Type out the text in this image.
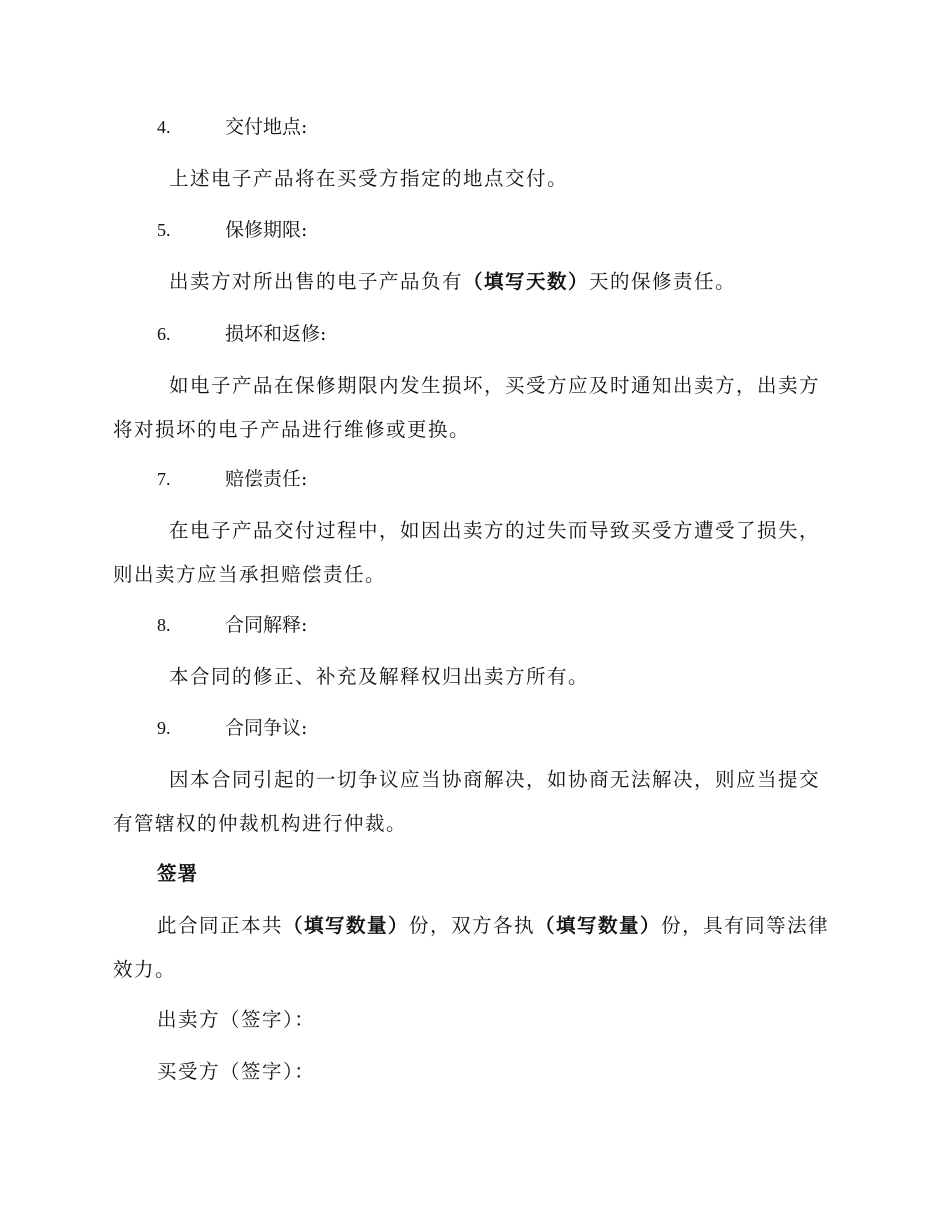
4.	交付地点:
上述电子产品将在买受方指定的地点交付。
5.	保修期限:
出卖方对所出售的电子产品负有（填写天数）天的保修责任。
6.	损坏和返修:
如电子产品在保修期限内发生损坏，买受方应及时通知出卖方，出卖方将对损坏的电子产品进行维修或更换。
7.	赔偿责任:
在电子产品交付过程中，如因出卖方的过失而导致买受方遭受了损失，则出卖方应当承担赔偿责任。
8.	合同解释:
本合同的修正、补充及解释权归出卖方所有。
9.	合同争议:
因本合同引起的一切争议应当协商解决，如协商无法解决，则应当提交有管辖权的仲裁机构进行仲裁。
签署
此合同正本共（填写数量）份，双方各执（填写数量）份，具有同等法律效力。
出卖方（签字）：
买受方（签字）：
